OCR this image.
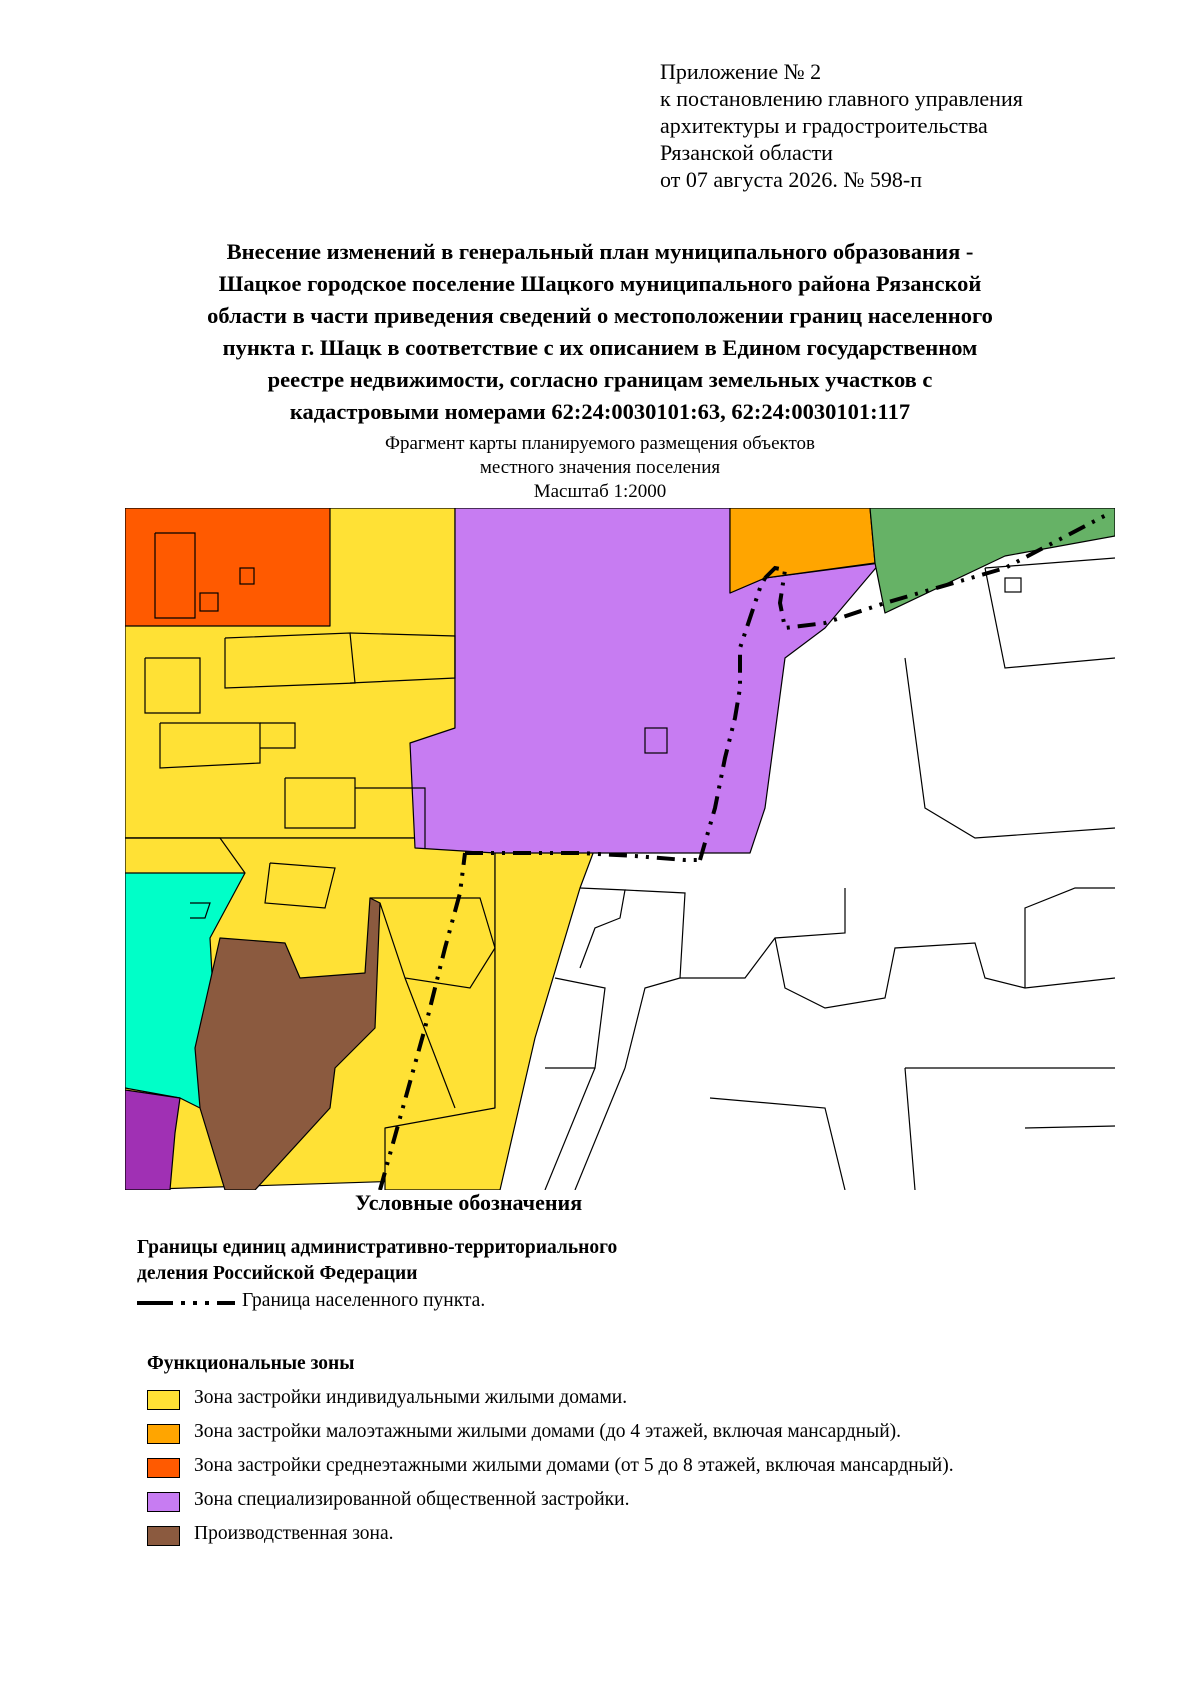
Приложение № 2
к постановлению главного управления
архитектуры и градостроительства
Рязанской области
от 07 августа 2026. № 598-п
Внесение изменений в генеральный план муниципального образования -
Шацкое городское поселение Шацкого муниципального района Рязанской
области в части приведения сведений о местоположении границ населенного
пункта г. Шацк в соответствие с их описанием в Едином государственном
реестре недвижимости, согласно границам земельных участков с
кадастровыми номерами 62:24:0030101:63, 62:24:0030101:117
Фрагмент карты планируемого размещения объектов
местного значения поселения
Масштаб 1:2000
Условные обозначения
Границы единиц административно-территориального
деления Российской Федерации
Граница населенного пункта.
Функциональные зоны
Зона застройки индивидуальными жилыми домами.
Зона застройки малоэтажными жилыми домами (до 4 этажей, включая мансардный).
Зона застройки среднеэтажными жилыми домами (от 5 до 8 этажей, включая мансардный).
Зона специализированной общественной застройки.
Производственная зона.
